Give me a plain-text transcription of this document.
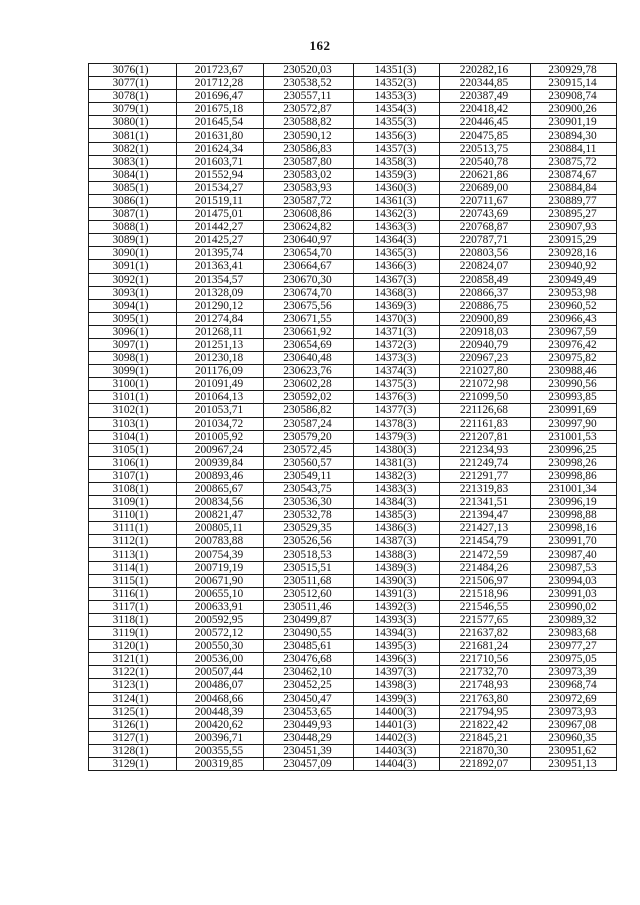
162
3076(1)	201723,67	230520,03	14351(3)	220282,16	230929,78
3077(1)	201712,28	230538,52	14352(3)	220344,85	230915,14
3078(1)	201696,47	230557,11	14353(3)	220387,49	230908,74
3079(1)	201675,18	230572,87	14354(3)	220418,42	230900,26
3080(1)	201645,54	230588,82	14355(3)	220446,45	230901,19
3081(1)	201631,80	230590,12	14356(3)	220475,85	230894,30
3082(1)	201624,34	230586,83	14357(3)	220513,75	230884,11
3083(1)	201603,71	230587,80	14358(3)	220540,78	230875,72
3084(1)	201552,94	230583,02	14359(3)	220621,86	230874,67
3085(1)	201534,27	230583,93	14360(3)	220689,00	230884,84
3086(1)	201519,11	230587,72	14361(3)	220711,67	230889,77
3087(1)	201475,01	230608,86	14362(3)	220743,69	230895,27
3088(1)	201442,27	230624,82	14363(3)	220768,87	230907,93
3089(1)	201425,27	230640,97	14364(3)	220787,71	230915,29
3090(1)	201395,74	230654,70	14365(3)	220803,56	230928,16
3091(1)	201363,41	230664,67	14366(3)	220824,07	230940,92
3092(1)	201354,57	230670,30	14367(3)	220858,49	230949,49
3093(1)	201328,09	230674,70	14368(3)	220866,37	230953,98
3094(1)	201290,12	230675,56	14369(3)	220886,75	230960,52
3095(1)	201274,84	230671,55	14370(3)	220900,89	230966,43
3096(1)	201268,11	230661,92	14371(3)	220918,03	230967,59
3097(1)	201251,13	230654,69	14372(3)	220940,79	230976,42
3098(1)	201230,18	230640,48	14373(3)	220967,23	230975,82
3099(1)	201176,09	230623,76	14374(3)	221027,80	230988,46
3100(1)	201091,49	230602,28	14375(3)	221072,98	230990,56
3101(1)	201064,13	230592,02	14376(3)	221099,50	230993,85
3102(1)	201053,71	230586,82	14377(3)	221126,68	230991,69
3103(1)	201034,72	230587,24	14378(3)	221161,83	230997,90
3104(1)	201005,92	230579,20	14379(3)	221207,81	231001,53
3105(1)	200967,24	230572,45	14380(3)	221234,93	230996,25
3106(1)	200939,84	230560,57	14381(3)	221249,74	230998,26
3107(1)	200893,46	230549,11	14382(3)	221291,77	230998,86
3108(1)	200865,67	230543,75	14383(3)	221319,83	231001,34
3109(1)	200834,56	230536,30	14384(3)	221341,51	230996,19
3110(1)	200821,47	230532,78	14385(3)	221394,47	230998,88
3111(1)	200805,11	230529,35	14386(3)	221427,13	230998,16
3112(1)	200783,88	230526,56	14387(3)	221454,79	230991,70
3113(1)	200754,39	230518,53	14388(3)	221472,59	230987,40
3114(1)	200719,19	230515,51	14389(3)	221484,26	230987,53
3115(1)	200671,90	230511,68	14390(3)	221506,97	230994,03
3116(1)	200655,10	230512,60	14391(3)	221518,96	230991,03
3117(1)	200633,91	230511,46	14392(3)	221546,55	230990,02
3118(1)	200592,95	230499,87	14393(3)	221577,65	230989,32
3119(1)	200572,12	230490,55	14394(3)	221637,82	230983,68
3120(1)	200550,30	230485,61	14395(3)	221681,24	230977,27
3121(1)	200536,00	230476,68	14396(3)	221710,56	230975,05
3122(1)	200507,44	230462,10	14397(3)	221732,70	230973,39
3123(1)	200486,07	230452,25	14398(3)	221748,93	230968,74
3124(1)	200468,66	230450,47	14399(3)	221763,80	230972,69
3125(1)	200448,39	230453,65	14400(3)	221794,95	230973,93
3126(1)	200420,62	230449,93	14401(3)	221822,42	230967,08
3127(1)	200396,71	230448,29	14402(3)	221845,21	230960,35
3128(1)	200355,55	230451,39	14403(3)	221870,30	230951,62
3129(1)	200319,85	230457,09	14404(3)	221892,07	230951,13
